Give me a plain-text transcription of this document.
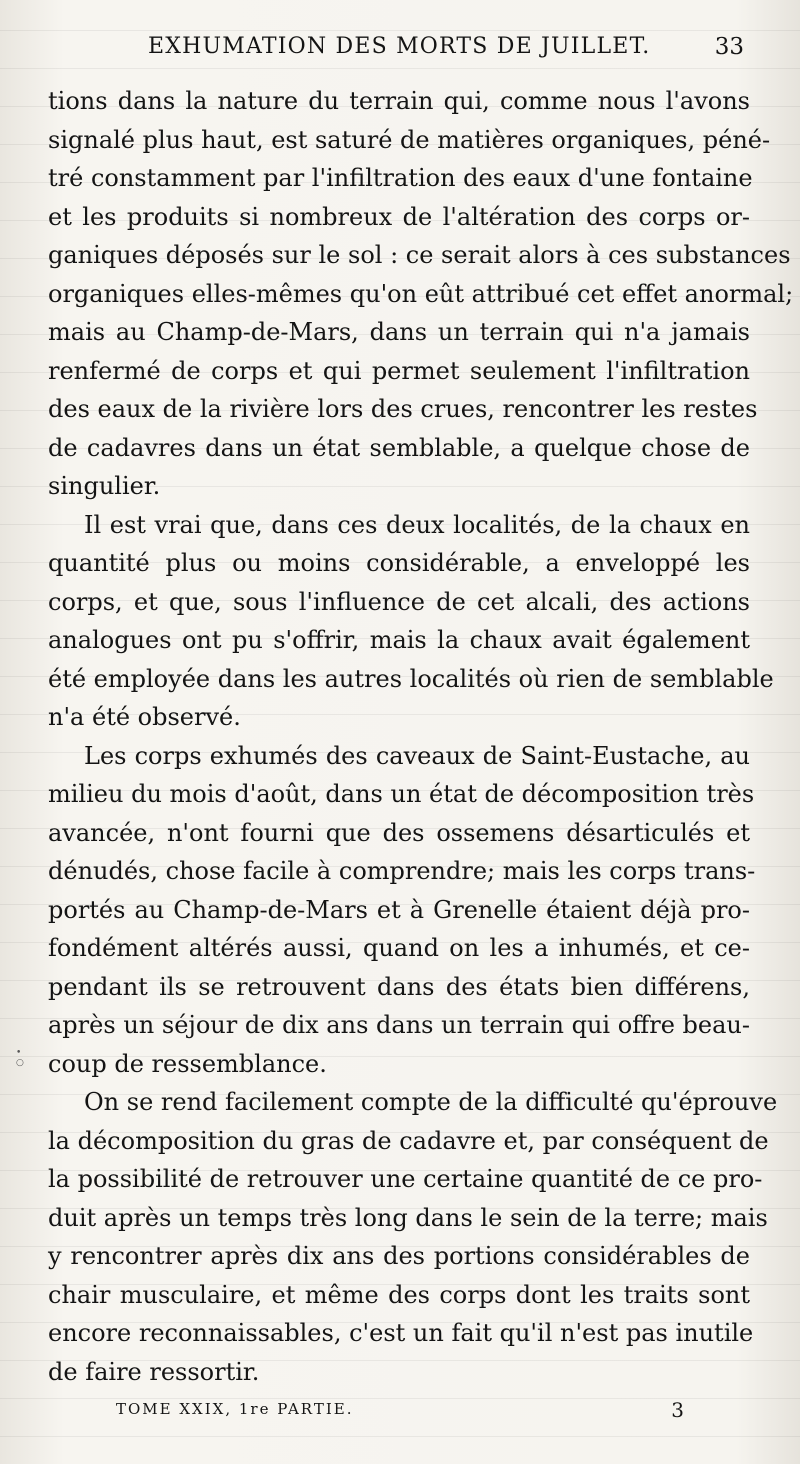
EXHUMATION DES MORTS DE JUILLET.	33
tions dans la nature du terrain qui, comme nous l'avons
signalé plus haut, est saturé de matières organiques, péné-
tré constamment par l'infiltration des eaux d'une fontaine
et les produits si nombreux de l'altération des corps or-
ganiques déposés sur le sol : ce serait alors à ces substances
organiques elles-mêmes qu'on eût attribué cet effet anormal;
mais au Champ-de-Mars, dans un terrain qui n'a jamais
renfermé de corps et qui permet seulement l'infiltration
des eaux de la rivière lors des crues, rencontrer les restes
de cadavres dans un état semblable, a quelque chose de
singulier.
Il est vrai que, dans ces deux localités, de la chaux en
quantité plus ou moins considérable, a enveloppé les
corps, et que, sous l'influence de cet alcali, des actions
analogues ont pu s'offrir, mais la chaux avait également
été employée dans les autres localités où rien de semblable
n'a été observé.
Les corps exhumés des caveaux de Saint-Eustache, au
milieu du mois d'août, dans un état de décomposition très
avancée, n'ont fourni que des ossemens désarticulés et
dénudés, chose facile à comprendre; mais les corps trans-
portés au Champ-de-Mars et à Grenelle étaient déjà pro-
fondément altérés aussi, quand on les a inhumés, et ce-
pendant ils se retrouvent dans des états bien différens,
après un séjour de dix ans dans un terrain qui offre beau-
coup de ressemblance.
On se rend facilement compte de la difficulté qu'éprouve
la décomposition du gras de cadavre et, par conséquent de
la possibilité de retrouver une certaine quantité de ce pro-
duit après un temps très long dans le sein de la terre; mais
y rencontrer après dix ans des portions considérables de
chair musculaire, et même des corps dont les traits sont
encore reconnaissables, c'est un fait qu'il n'est pas inutile
de faire ressortir.
• ○
TOME XXIX, 1re PARTIE.	3
